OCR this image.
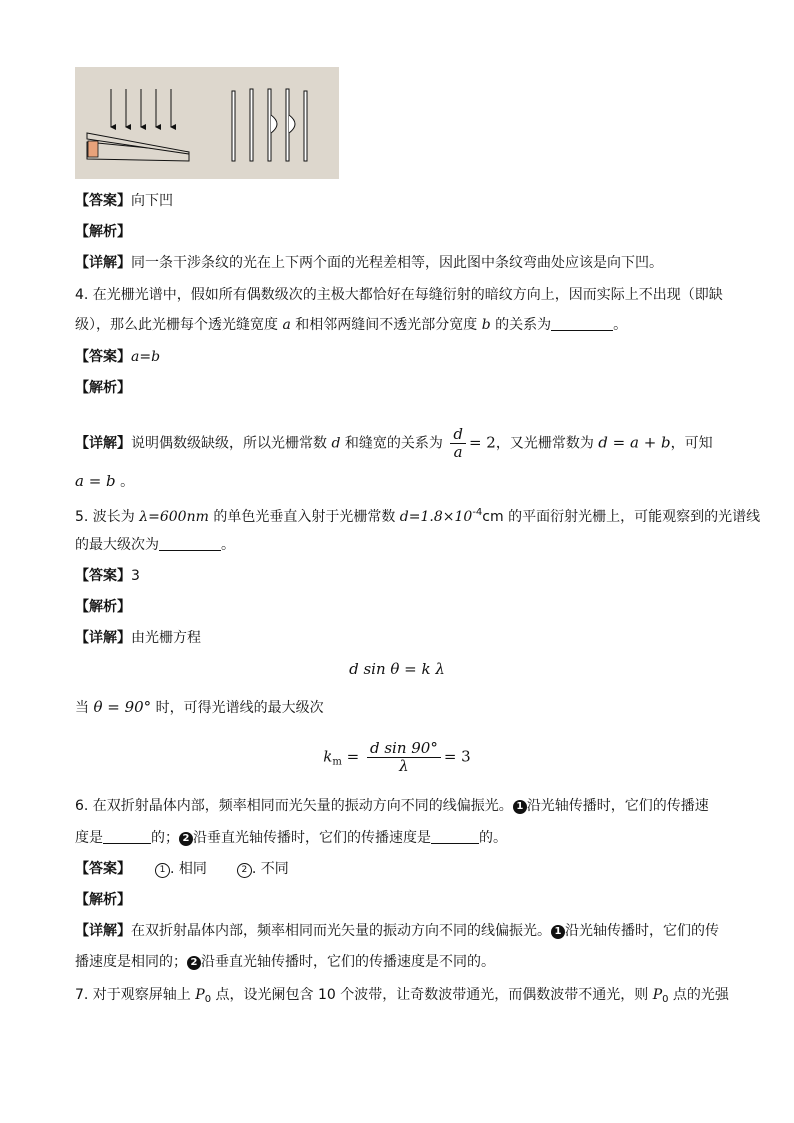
【答案】向下凹
【解析】
【详解】同一条干涉条纹的光在上下两个面的光程差相等，因此图中条纹弯曲处应该是向下凹。
4. 在光栅光谱中，假如所有偶数级次的主极大都恰好在每缝衍射的暗纹方向上，因而实际上不出现（即缺
级），那么此光栅每个透光缝宽度 a 和相邻两缝间不透光部分宽度 b 的关系为	。
【答案】a=b
【解析】
【详解】说明偶数级缺级，所以光栅常数 d 和缝宽的关系为 $\frac{d}{a} = 2$，又光栅常数为 d = a + b，可知
a = b 。
5. 波长为 λ=600nm 的单色光垂直入射于光栅常数 $d=1.8\times 10^{-4}cm$ 的平面衍射光栅上，可能观察到的光谱线
的最大级次为	。
【答案】3
【解析】
【详解】由光栅方程
d sin θ = k λ
当 θ = 90° 时，可得光谱线的最大级次
$k_m = \frac{\text{d sin 90°}}{\lambda} = 3$
6. 在双折射晶体内部，频率相同而光矢量的振动方向不同的线偏振光。 1 沿光轴传播时，它们的传播速
度是	的； 2 沿垂直光轴传播时，它们的传播速度是	的。
【答案】	1 . 相同	2 . 不同
【解析】
【详解】在双折射晶体内部，频率相同而光矢量的振动方向不同的线偏振光。 1 沿光轴传播时，它们的传
播速度是相同的； 2 沿垂直光轴传播时，它们的传播速度是不同的。
7. 对于观察屏轴上 $P_0$ 点，设光阑包含 10 个波带，让奇数波带通光，而偶数波带不通光，则 $P_0$ 点的光强
